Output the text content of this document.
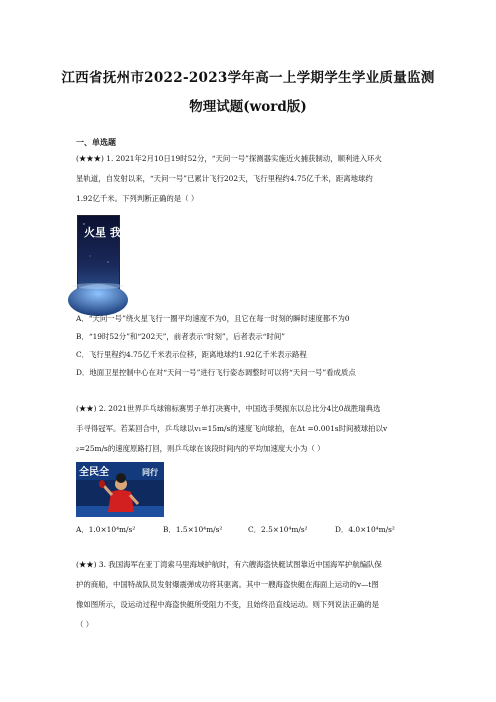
江西省抚州市2022-2023学年高一上学期学生学业质量监测
物理试题(word版)
一、单选题
(★★★) 1. 2021年2月10日19时52分，“天问一号”探测器实施近火捕获制动，顺利进入环火
星轨道，自发射以来，“天问一号”已累计飞行202天，飞行里程约4.75亿千米，距离地球约
1.92亿千米。下列判断正确的是（ ）
火星 我来了
A．“天问一号”绕火星飞行一圈平均速度不为0，且它在每一时刻的瞬时速度都不为0
B．“19时52分”和“202天”，前者表示“时刻”，后者表示“时间”
C．飞行里程约4.75亿千米表示位移，距离地球约1.92亿千米表示路程
D．地面卫星控制中心在对“天问一号”进行飞行姿态调整时可以将“天问一号”看成质点
(★★) 2. 2021世界乒乓球锦标赛男子单打决赛中，中国选手樊振东以总比分4比0战胜瑞典选
手寻得冠军。若某回合中，乒乓球以v₁=15m/s的速度飞向球拍，在Δt =0.001s时间被球拍以v
₂=25m/s的速度原路打回，则乒乓球在该段时间内的平均加速度大小为（ ）
全民全	同行
A．1.0×10⁴m/s²	B．1.5×10⁴m/s²	C．2.5×10⁴m/s²	D．4.0×10⁴m/s²
(★★) 3. 我国海军在亚丁湾索马里海域护航时，有六艘海盗快艇试图靠近中国海军护航编队保
护的商船，中国特战队员发射爆震弹成功将其驱离。其中一艘海盗快艇在海面上运动的v—t图
像如图所示，设运动过程中海盗快艇所受阻力不变，且始终沿直线运动。则下列说法正确的是
（ ）
